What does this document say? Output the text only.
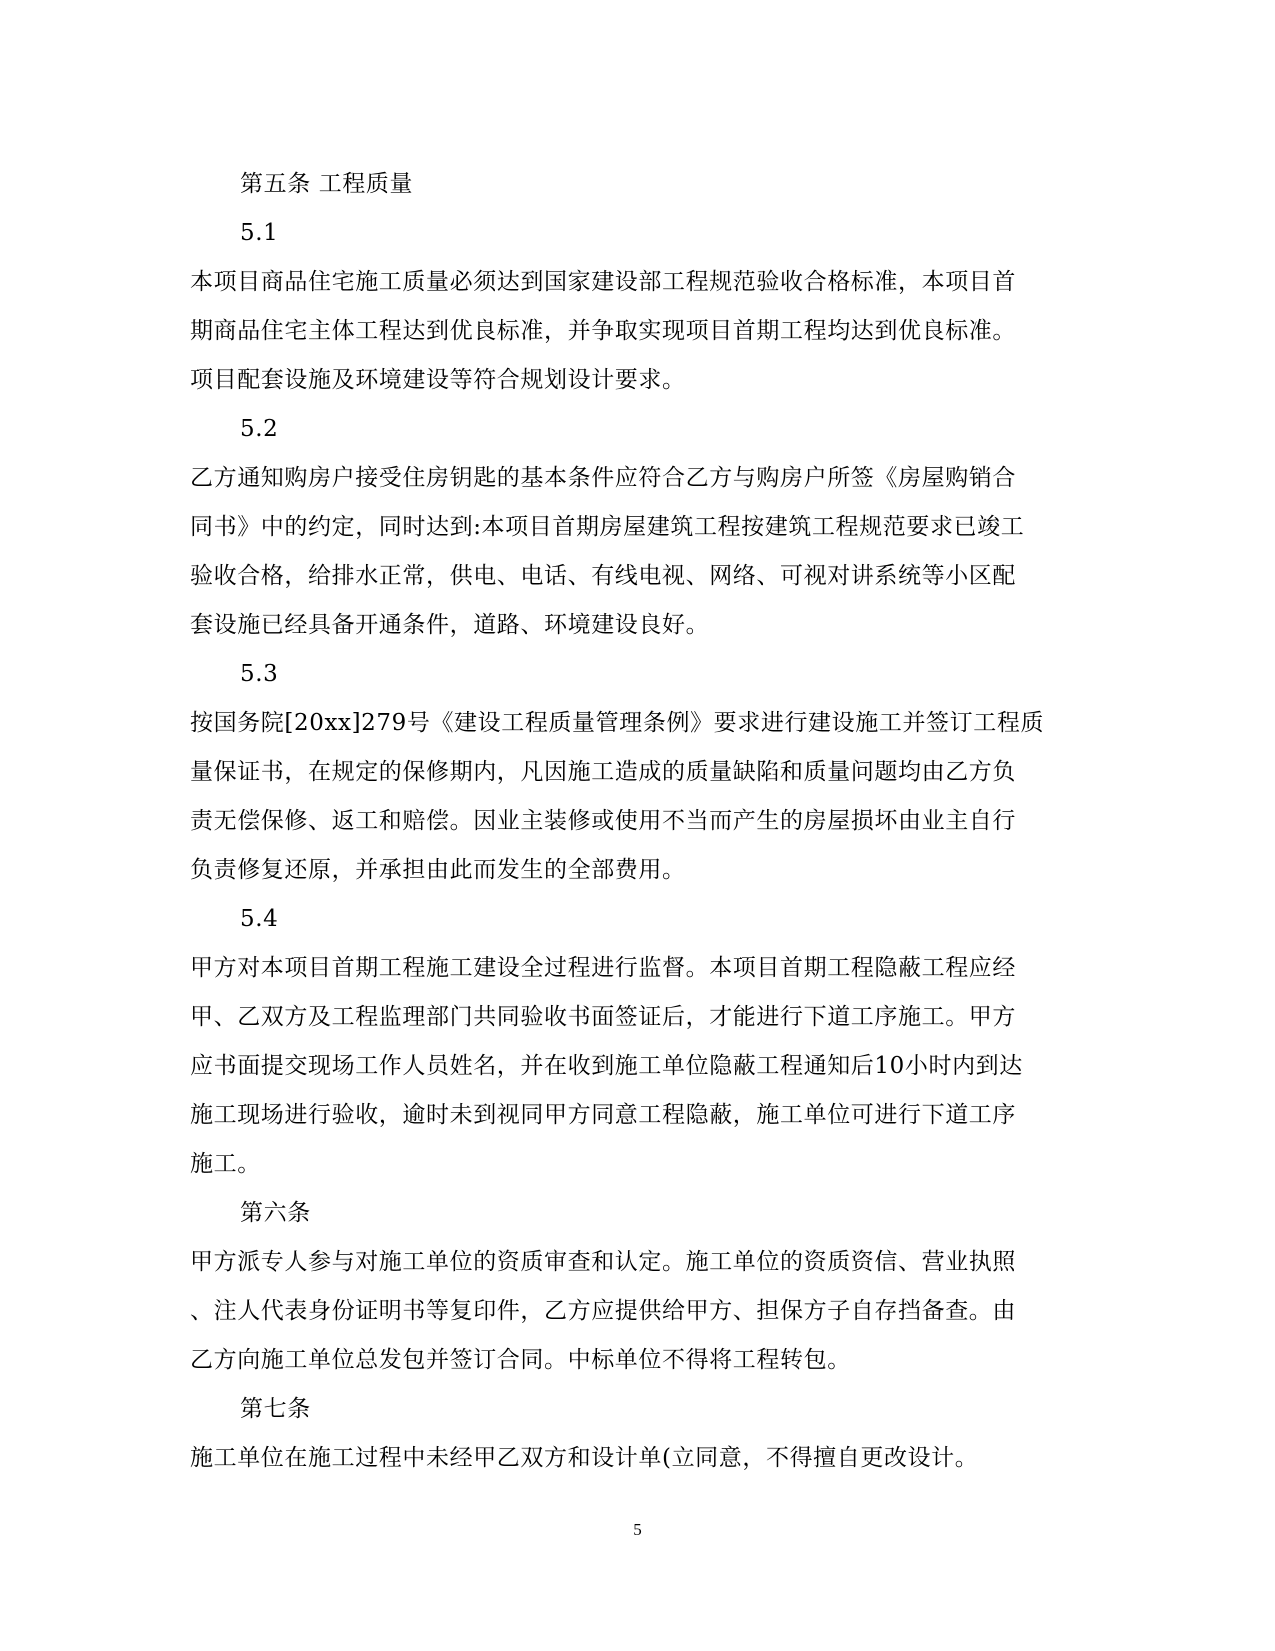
第五条 工程质量
5.1
本项目商品住宅施工质量必须达到国家建设部工程规范验收合格标准，本项目首
期商品住宅主体工程达到优良标准，并争取实现项目首期工程均达到优良标准。
项目配套设施及环境建设等符合规划设计要求。
5.2
乙方通知购房户接受住房钥匙的基本条件应符合乙方与购房户所签《房屋购销合
同书》中的约定，同时达到:本项目首期房屋建筑工程按建筑工程规范要求已竣工
验收合格，给排水正常，供电、电话、有线电视、网络、可视对讲系统等小区配
套设施已经具备开通条件，道路、环境建设良好。
5.3
按国务院[20xx]279号《建设工程质量管理条例》要求进行建设施工并签订工程质
量保证书，在规定的保修期内，凡因施工造成的质量缺陷和质量问题均由乙方负
责无偿保修、返工和赔偿。因业主装修或使用不当而产生的房屋损坏由业主自行
负责修复还原，并承担由此而发生的全部费用。
5.4
甲方对本项目首期工程施工建设全过程进行监督。本项目首期工程隐蔽工程应经
甲、乙双方及工程监理部门共同验收书面签证后，才能进行下道工序施工。甲方
应书面提交现场工作人员姓名，并在收到施工单位隐蔽工程通知后10小时内到达
施工现场进行验收，逾时未到视同甲方同意工程隐蔽，施工单位可进行下道工序
施工。
第六条
甲方派专人参与对施工单位的资质审查和认定。施工单位的资质资信、营业执照
、注人代表身份证明书等复印件，乙方应提供给甲方、担保方子自存挡备查。由
乙方向施工单位总发包并签订合同。中标单位不得将工程转包。
第七条
施工单位在施工过程中未经甲乙双方和设计单(立同意，不得擅自更改设计。
5
